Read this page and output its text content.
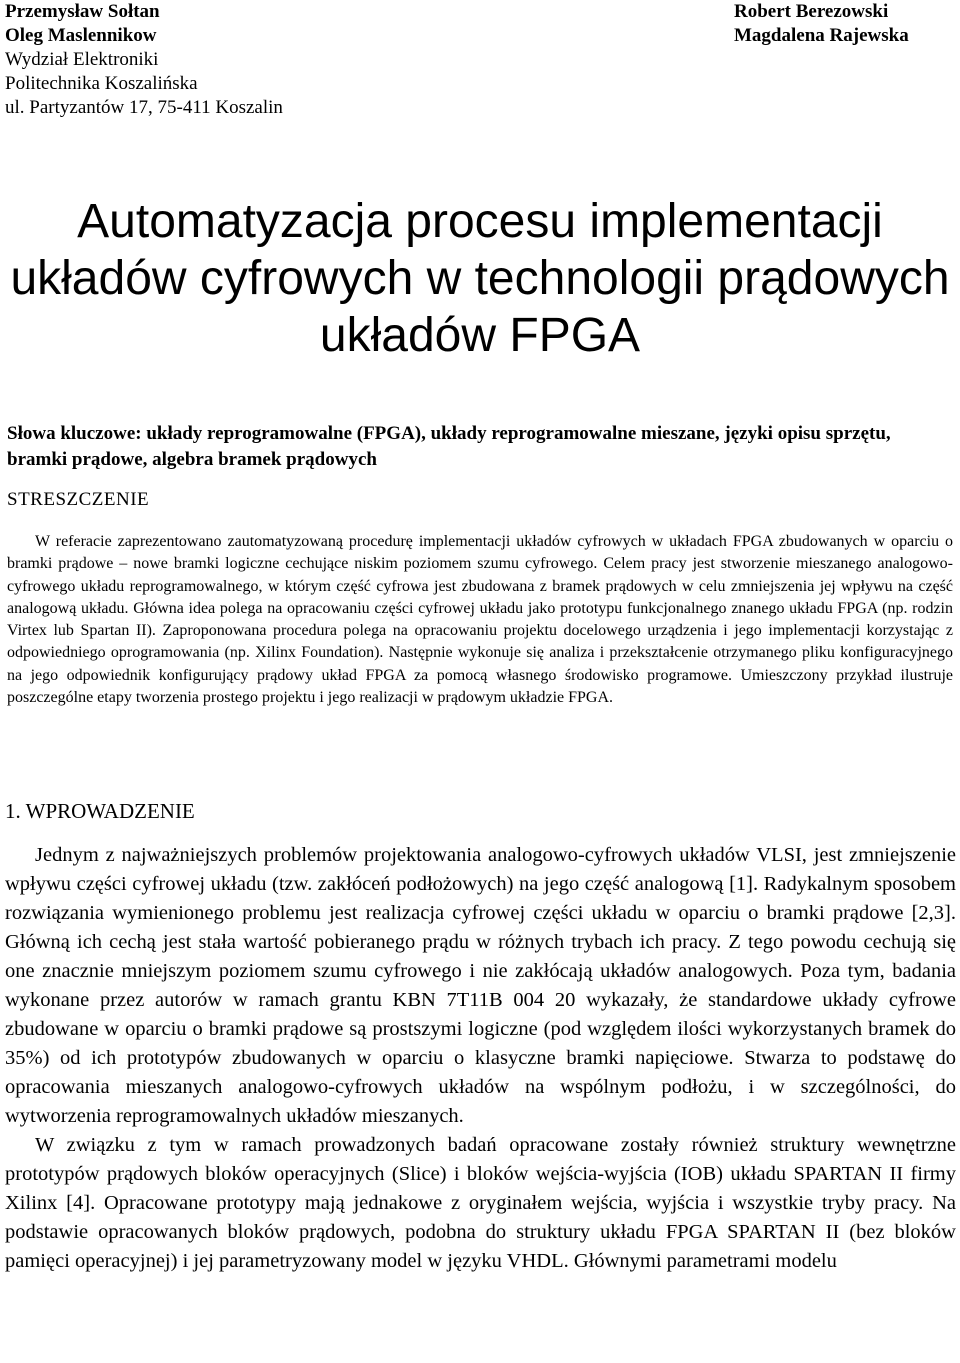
Przemysław Sołtan
Oleg Maslennikow
Wydział Elektroniki
Politechnika Koszalińska
ul. Partyzantów 17, 75-411 Koszalin
Robert Berezowski
Magdalena Rajewska
Automatyzacja procesu implementacji
układów cyfrowych w technologii prądowych
układów FPGA
Słowa kluczowe: układy reprogramowalne (FPGA), układy reprogramowalne mieszane, języki opisu sprzętu, bramki prądowe, algebra bramek prądowych
STRESZCZENIE

W referacie zaprezentowano zautomatyzowaną procedurę implementacji układów cyfrowych w układach FPGA zbudowanych w oparciu o bramki prądowe – nowe bramki logiczne cechujące niskim poziomem szumu cyfrowego. Celem pracy jest stworzenie mieszanego analogowo-cyfrowego układu reprogramowalnego, w którym część cyfrowa jest zbudowana z bramek prądowych w celu zmniejszenia jej wpływu na część analogową układu. Główna idea polega na opracowaniu części cyfrowej układu jako prototypu funkcjonalnego znanego układu FPGA (np. rodzin Virtex lub Spartan II). Zaproponowana procedura polega na opracowaniu projektu docelowego urządzenia i jego implementacji korzystając z odpowiedniego oprogramowania (np. Xilinx Foundation). Następnie wykonuje się analiza i przekształcenie otrzymanego pliku konfiguracyjnego na jego odpowiednik konfigurujący prądowy układ FPGA za pomocą własnego środowisko programowe. Umieszczony przykład ilustruje poszczególne etapy tworzenia prostego projektu i jego realizacji w prądowym układzie FPGA.

1. WPROWADZENIE

Jednym z najważniejszych problemów projektowania analogowo-cyfrowych układów VLSI, jest zmniejszenie wpływu części cyfrowej układu (tzw. zakłóceń podłożowych) na jego część analogową [1]. Radykalnym sposobem rozwiązania wymienionego problemu jest realizacja cyfrowej części układu w oparciu o bramki prądowe [2,3]. Główną ich cechą jest stała wartość pobieranego prądu w różnych trybach ich pracy. Z tego powodu cechują się one znacznie mniejszym poziomem szumu cyfrowego i nie zakłócają układów analogowych. Poza tym, badania wykonane przez autorów w ramach grantu KBN 7T11B 004 20 wykazały, że standardowe układy cyfrowe zbudowane w oparciu o bramki prądowe są prostszymi logiczne (pod względem ilości wykorzystanych bramek do 35%) od ich prototypów zbudowanych w oparciu o klasyczne bramki napięciowe. Stwarza to podstawę do opracowania mieszanych analogowo-cyfrowych układów na wspólnym podłożu, i w szczególności, do wytworzenia reprogramowalnych układów mieszanych.

W związku z tym w ramach prowadzonych badań opracowane zostały również struktury wewnętrzne prototypów prądowych bloków operacyjnych (Slice) i bloków wejścia-wyjścia (IOB) układu SPARTAN II firmy Xilinx [4]. Opracowane prototypy mają jednakowe z oryginałem wejścia, wyjścia i wszystkie tryby pracy. Na podstawie opracowanych bloków prądowych, podobna do struktury układu FPGA SPARTAN II (bez bloków pamięci operacyjnej) i jej parametryzowany model w języku VHDL. Głównymi parametrami modelu
